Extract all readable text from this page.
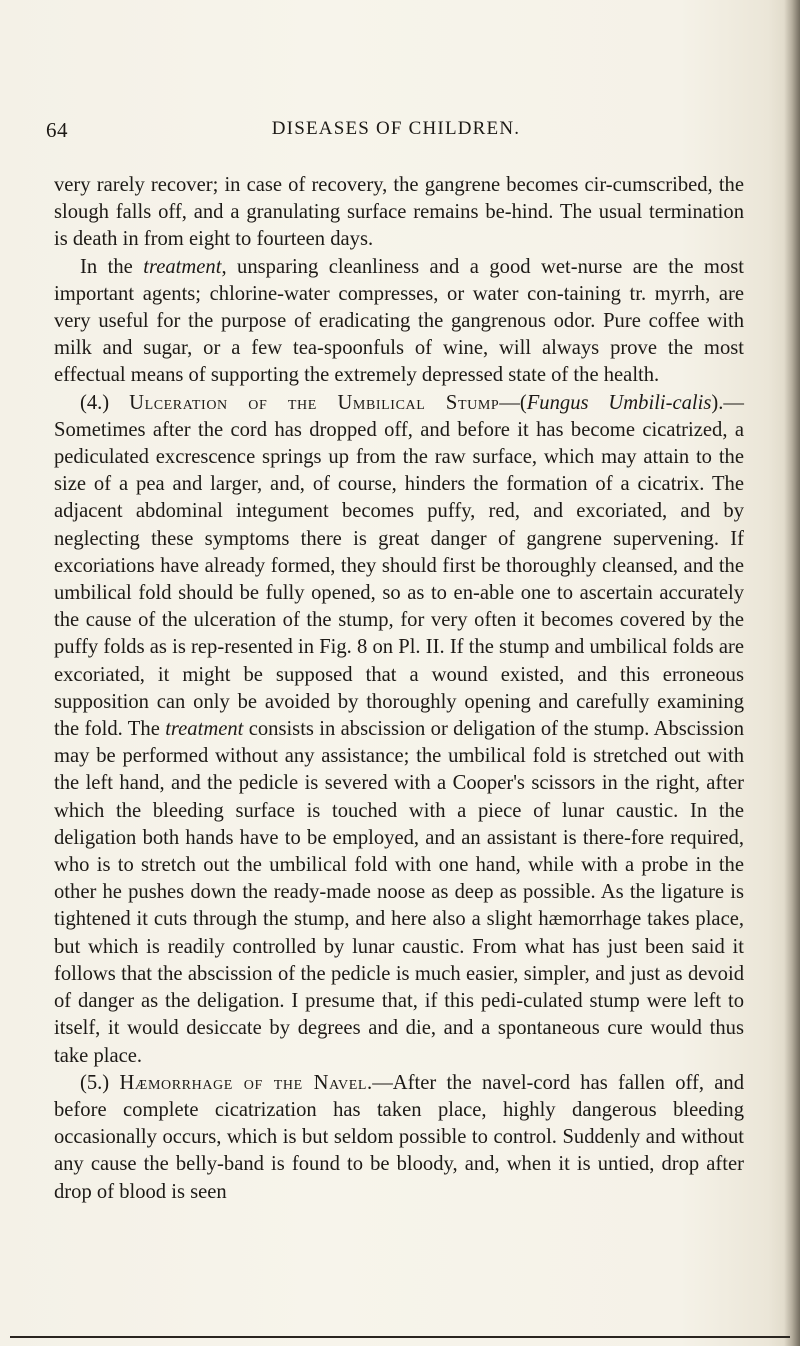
64	DISEASES OF CHILDREN.

very rarely recover; in case of recovery, the gangrene becomes cir-cumscribed, the slough falls off, and a granulating surface remains be-hind. The usual termination is death in from eight to fourteen days.

In the treatment, unsparing cleanliness and a good wet-nurse are the most important agents; chlorine-water compresses, or water con-taining tr. myrrh, are very useful for the purpose of eradicating the gangrenous odor. Pure coffee with milk and sugar, or a few tea-spoonfuls of wine, will always prove the most effectual means of supporting the extremely depressed state of the health.

(4.) Ulceration of the Umbilical Stump—(Fungus Umbili-calis).—Sometimes after the cord has dropped off, and before it has become cicatrized, a pediculated excrescence springs up from the raw surface, which may attain to the size of a pea and larger, and, of course, hinders the formation of a cicatrix. The adjacent abdominal integument becomes puffy, red, and excoriated, and by neglecting these symptoms there is great danger of gangrene supervening. If excoriations have already formed, they should first be thoroughly cleansed, and the umbilical fold should be fully opened, so as to en-able one to ascertain accurately the cause of the ulceration of the stump, for very often it becomes covered by the puffy folds as is rep-resented in Fig. 8 on Pl. II. If the stump and umbilical folds are excoriated, it might be supposed that a wound existed, and this erroneous supposition can only be avoided by thoroughly opening and carefully examining the fold. The treatment consists in abscission or deligation of the stump. Abscission may be performed without any assistance; the umbilical fold is stretched out with the left hand, and the pedicle is severed with a Cooper's scissors in the right, after which the bleeding surface is touched with a piece of lunar caustic. In the deligation both hands have to be employed, and an assistant is there-fore required, who is to stretch out the umbilical fold with one hand, while with a probe in the other he pushes down the ready-made noose as deep as possible. As the ligature is tightened it cuts through the stump, and here also a slight hæmorrhage takes place, but which is readily controlled by lunar caustic. From what has just been said it follows that the abscission of the pedicle is much easier, simpler, and just as devoid of danger as the deligation. I presume that, if this pedi-culated stump were left to itself, it would desiccate by degrees and die, and a spontaneous cure would thus take place.

(5.) Hæmorrhage of the Navel.—After the navel-cord has fallen off, and before complete cicatrization has taken place, highly dangerous bleeding occasionally occurs, which is but seldom possible to control. Suddenly and without any cause the belly-band is found to be bloody, and, when it is untied, drop after drop of blood is seen
